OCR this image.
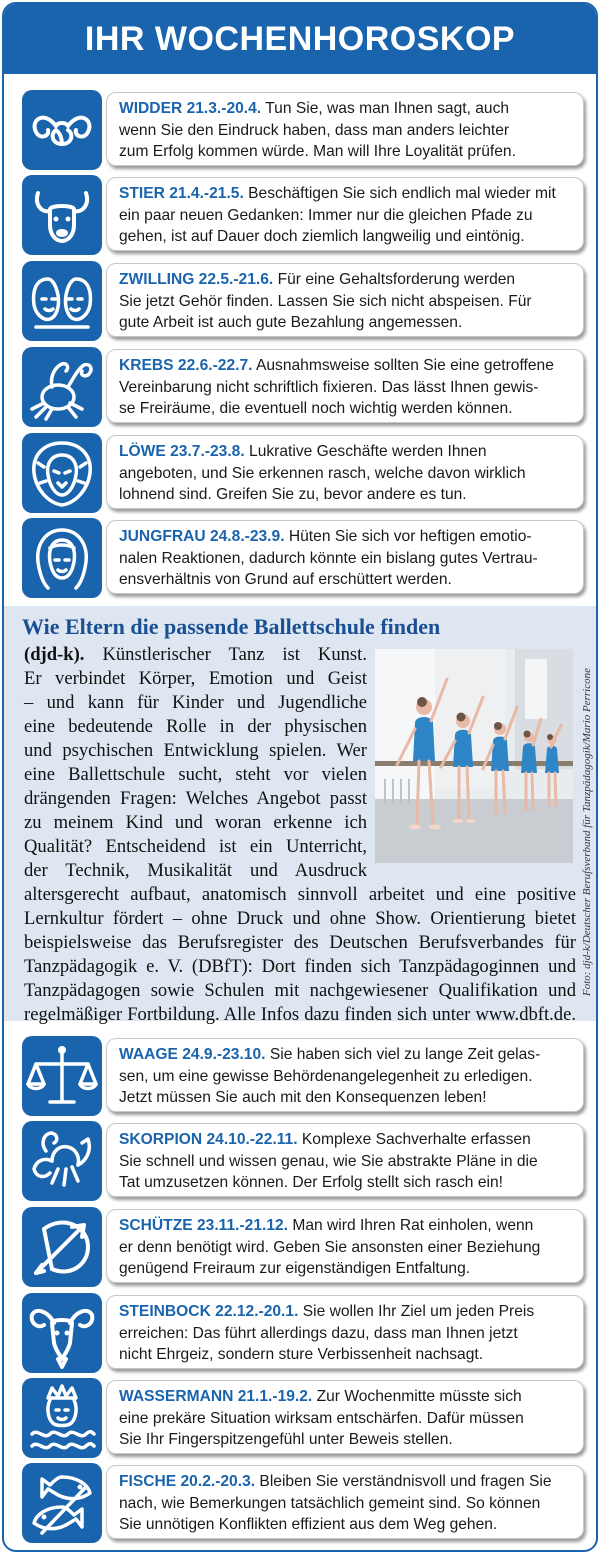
IHR WOCHENHOROSKOP
WIDDER 21.3.-20.4. Tun Sie, was man Ihnen sagt, auch
wenn Sie den Eindruck haben, dass man anders leichter
zum Erfolg kommen würde. Man will Ihre Loyalität prüfen.
STIER 21.4.-21.5. Beschäftigen Sie sich endlich mal wieder mit
ein paar neuen Gedanken: Immer nur die gleichen Pfade zu
gehen, ist auf Dauer doch ziemlich langweilig und eintönig.
ZWILLING 22.5.-21.6. Für eine Gehaltsforderung werden
Sie jetzt Gehör finden. Lassen Sie sich nicht abspeisen. Für
gute Arbeit ist auch gute Bezahlung angemessen.
KREBS 22.6.-22.7. Ausnahmsweise sollten Sie eine getroffene
Vereinbarung nicht schriftlich fixieren. Das lässt Ihnen gewis-
se Freiräume, die eventuell noch wichtig werden können.
LÖWE 23.7.-23.8. Lukrative Geschäfte werden Ihnen
angeboten, und Sie erkennen rasch, welche davon wirklich
lohnend sind. Greifen Sie zu, bevor andere es tun.
JUNGFRAU 24.8.-23.9. Hüten Sie sich vor heftigen emotio-
nalen Reaktionen, dadurch könnte ein bislang gutes Vertrau-
ensverhältnis von Grund auf erschüttert werden.
Wie Eltern die passende Ballettschule finden
Foto: djd-k/Deutscher Berufsverband für Tanzpädagogik/Mario Perricone
(djd-k). Künstlerischer Tanz ist Kunst.
Er verbindet Körper, Emotion und Geist
– und kann für Kinder und Jugendliche
eine bedeutende Rolle in der physischen
und psychischen Entwicklung spielen. Wer
eine Ballettschule sucht, steht vor vielen
drängenden Fragen: Welches Angebot passt
zu meinem Kind und woran erkenne ich
Qualität? Entscheidend ist ein Unterricht,
der Technik, Musikalität und Ausdruck
altersgerecht aufbaut, anatomisch sinnvoll arbeitet und eine positive
Lernkultur fördert – ohne Druck und ohne Show. Orientierung bietet
beispielsweise das Berufsregister des Deutschen Berufsverbandes für
Tanzpädagogik e. V. (DBfT): Dort finden sich Tanzpädagoginnen und
Tanzpädagogen sowie Schulen mit nachgewiesener Qualifikation und
regelmäßiger Fortbildung. Alle Infos dazu finden sich unter www.dbft.de.
WAAGE 24.9.-23.10. Sie haben sich viel zu lange Zeit gelas-
sen, um eine gewisse Behördenangelegenheit zu erledigen.
Jetzt müssen Sie auch mit den Konsequenzen leben!
SKORPION 24.10.-22.11. Komplexe Sachverhalte erfassen
Sie schnell und wissen genau, wie Sie abstrakte Pläne in die
Tat umzusetzen können. Der Erfolg stellt sich rasch ein!
SCHÜTZE 23.11.-21.12. Man wird Ihren Rat einholen, wenn
er denn benötigt wird. Geben Sie ansonsten einer Beziehung
genügend Freiraum zur eigenständigen Entfaltung.
STEINBOCK 22.12.-20.1. Sie wollen Ihr Ziel um jeden Preis
erreichen: Das führt allerdings dazu, dass man Ihnen jetzt
nicht Ehrgeiz, sondern sture Verbissenheit nachsagt.
WASSERMANN 21.1.-19.2. Zur Wochenmitte müsste sich
eine prekäre Situation wirksam entschärfen. Dafür müssen
Sie Ihr Fingerspitzengefühl unter Beweis stellen.
FISCHE 20.2.-20.3. Bleiben Sie verständnisvoll und fragen Sie
nach, wie Bemerkungen tatsächlich gemeint sind. So können
Sie unnötigen Konflikten effizient aus dem Weg gehen.
